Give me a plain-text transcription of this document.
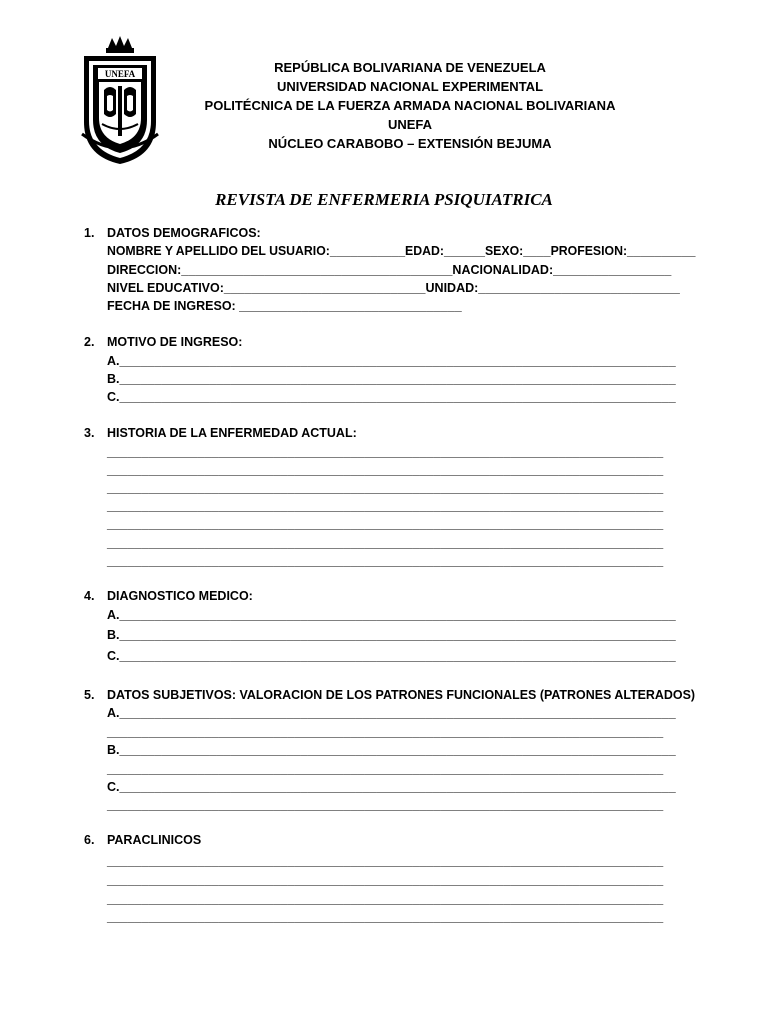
UNEFA	REPÚBLICA BOLIVARIANA DE VENEZUELA
UNIVERSIDAD NACIONAL EXPERIMENTAL
POLITÉCNICA DE LA FUERZA ARMADA NACIONAL BOLIVARIANA
UNEFA
NÚCLEO CARABOBO – EXTENSIÓN BEJUMA
REVISTA DE ENFERMERIA PSIQUIATRICA
1. DATOS DEMOGRAFICOS:
NOMBRE Y APELLIDO DEL USUARIO:___________EDAD:______SEXO:____PROFESION:__________
DIRECCION:_______________________________________NACIONALIDAD:_________________
NIVEL EDUCATIVO:_____________________________UNIDAD:_____________________________
FECHA DE INGRESO: ________________________________
2. MOTIVO DE INGRESO:
A.________________________________________________________________________________
B.________________________________________________________________________________
C.________________________________________________________________________________
3. HISTORIA DE LA ENFERMEDAD ACTUAL:
________________________________________________________________________________
________________________________________________________________________________
________________________________________________________________________________
________________________________________________________________________________
________________________________________________________________________________
________________________________________________________________________________
________________________________________________________________________________
4. DIAGNOSTICO MEDICO:
A.________________________________________________________________________________
B.________________________________________________________________________________
C.________________________________________________________________________________
5. DATOS SUBJETIVOS: VALORACION DE LOS PATRONES FUNCIONALES (PATRONES ALTERADOS)
A.________________________________________________________________________________
________________________________________________________________________________
B.________________________________________________________________________________
________________________________________________________________________________
C.________________________________________________________________________________
________________________________________________________________________________
6. PARACLINICOS
________________________________________________________________________________
________________________________________________________________________________
________________________________________________________________________________
________________________________________________________________________________
